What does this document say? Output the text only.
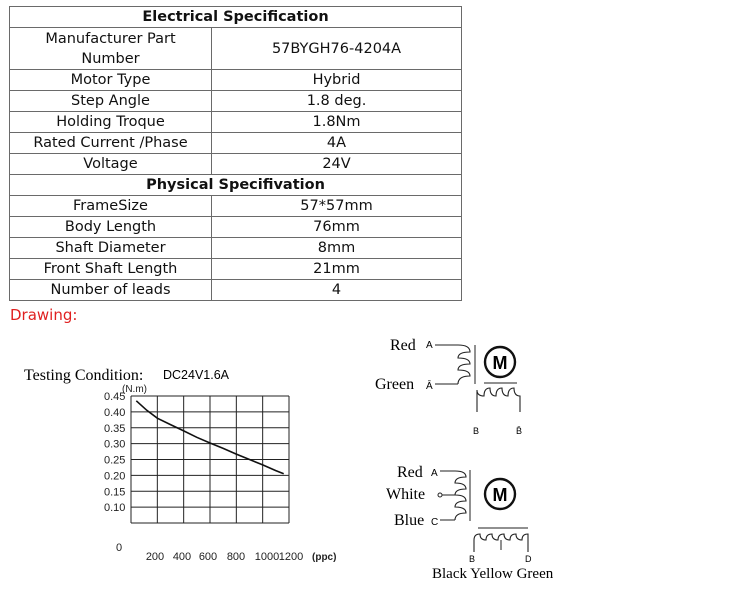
Electrical Specification	
Manufacturer Part Number	57BYGH76-4204A
Motor Type	Hybrid
Step Angle	1.8 deg.
Holding Troque	1.8Nm
Rated Current /Phase	4A
Voltage	24V
Physical Specifivation	
FrameSize	57*57mm
Body Length	76mm
Shaft Diameter	8mm
Front Shaft Length	21mm
Number of leads	4
Drawing:
Testing Condition: DC24V1.6A
0.45
0.40
0.35
0.30
0.25
0.20
0.15
0.10
0
(N.m)
200 400 600 800 1000 1200 (ppc)
Red A
Green Ā
M
B	B̄
Red A
White
Blue C
M
B	D
Black Yellow Green
